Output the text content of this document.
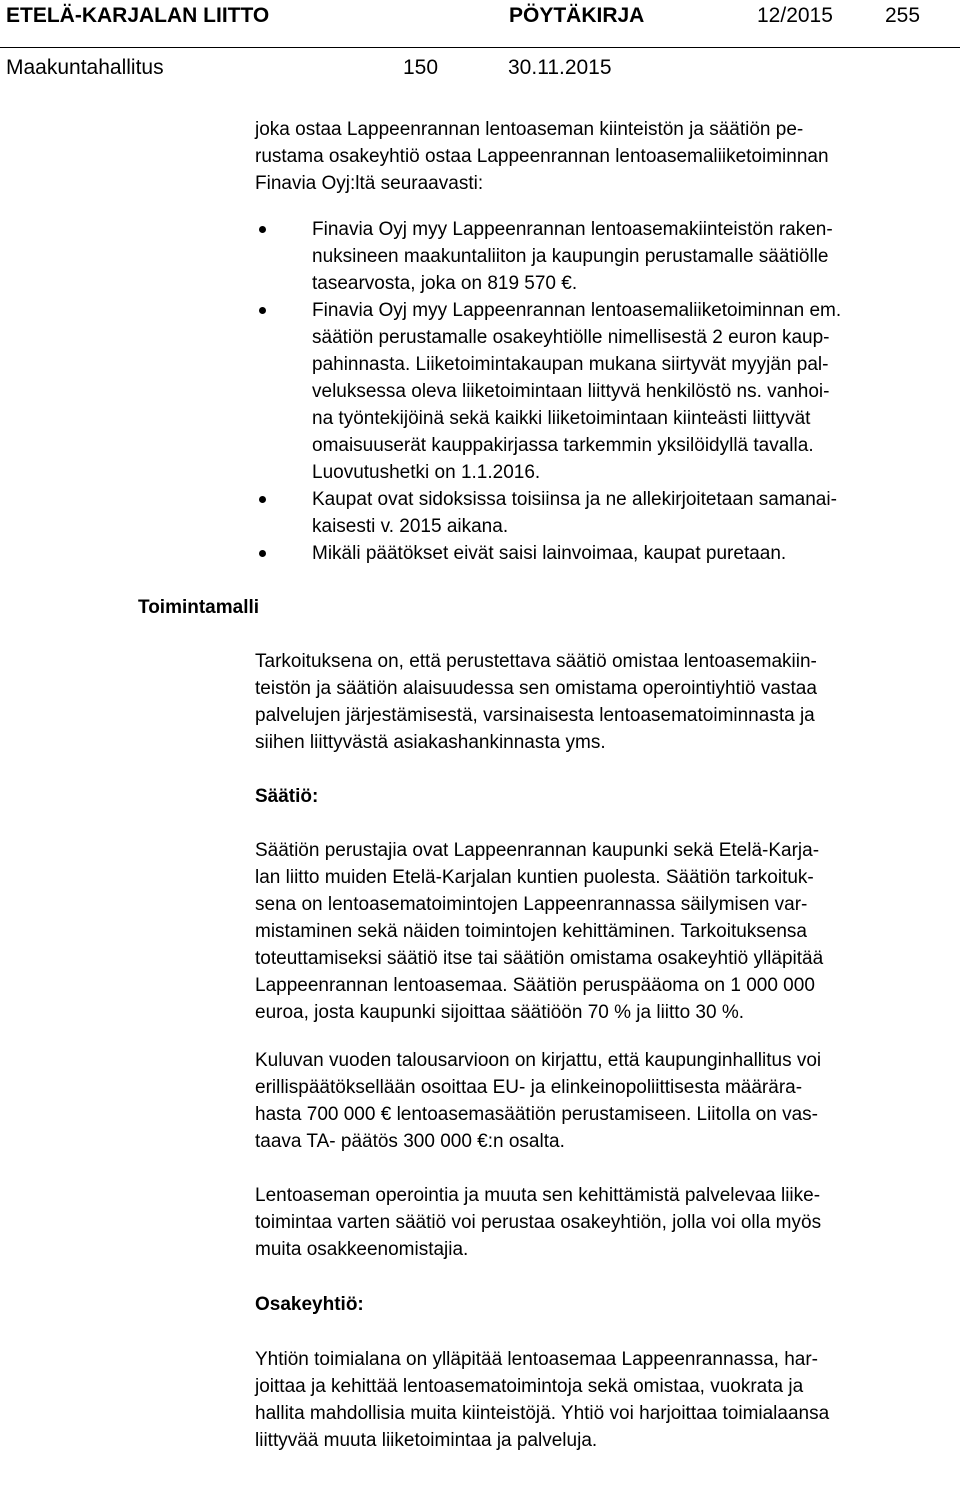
ETELÄ-KARJALAN LIITTO	PÖYTÄKIRJA	12/2015 255
Maakuntahallitus	150	30.11.2015
joka ostaa Lappeenrannan lentoaseman kiinteistön ja säätiön pe-
rustama osakeyhtiö ostaa Lappeenrannan lentoasemaliiketoiminnan
Finavia Oyj:ltä seuraavasti:
Finavia Oyj myy Lappeenrannan lentoasemakiinteistön raken-
nuksineen maakuntaliiton ja kaupungin perustamalle säätiölle
tasearvosta, joka on 819 570 €.
Finavia Oyj myy Lappeenrannan lentoasemaliiketoiminnan em.
säätiön perustamalle osakeyhtiölle nimellisestä 2 euron kaup-
pahinnasta. Liiketoimintakaupan mukana siirtyvät myyjän pal-
veluksessa oleva liiketoimintaan liittyvä henkilöstö ns. vanhoi-
na työntekijöinä sekä kaikki liiketoimintaan kiinteästi liittyvät
omaisuuserät kauppakirjassa tarkemmin yksilöidyllä tavalla.
Luovutushetki on 1.1.2016.
Kaupat ovat sidoksissa toisiinsa ja ne allekirjoitetaan samanai-
kaisesti v. 2015 aikana.
Mikäli päätökset eivät saisi lainvoimaa, kaupat puretaan.
Toimintamalli
Tarkoituksena on, että perustettava säätiö omistaa lentoasemakiin-
teistön ja säätiön alaisuudessa sen omistama operointiyhtiö vastaa
palvelujen järjestämisestä, varsinaisesta lentoasematoiminnasta ja
siihen liittyvästä asiakashankinnasta yms.
Säätiö:
Säätiön perustajia ovat Lappeenrannan kaupunki sekä Etelä-Karja-
lan liitto muiden Etelä-Karjalan kuntien puolesta. Säätiön tarkoituk-
sena on lentoasematoimintojen Lappeenrannassa säilymisen var-
mistaminen sekä näiden toimintojen kehittäminen. Tarkoituksensa
toteuttamiseksi säätiö itse tai säätiön omistama osakeyhtiö ylläpitää
Lappeenrannan lentoasemaa. Säätiön peruspääoma on 1 000 000
euroa, josta kaupunki sijoittaa säätiöön 70 % ja liitto 30 %.
Kuluvan vuoden talousarvioon on kirjattu, että kaupunginhallitus voi
erillispäätöksellään osoittaa EU- ja elinkeinopoliittisesta määrära-
hasta 700 000 € lentoasemasäätiön perustamiseen. Liitolla on vas-
taava TA- päätös 300 000 €:n osalta.
Lentoaseman operointia ja muuta sen kehittämistä palvelevaa liike-
toimintaa varten säätiö voi perustaa osakeyhtiön, jolla voi olla myös
muita osakkeenomistajia.
Osakeyhtiö:
Yhtiön toimialana on ylläpitää lentoasemaa Lappeenrannassa, har-
joittaa ja kehittää lentoasematoimintoja sekä omistaa, vuokrata ja
hallita mahdollisia muita kiinteistöjä. Yhtiö voi harjoittaa toimialaansa
liittyvää muuta liiketoimintaa ja palveluja.
